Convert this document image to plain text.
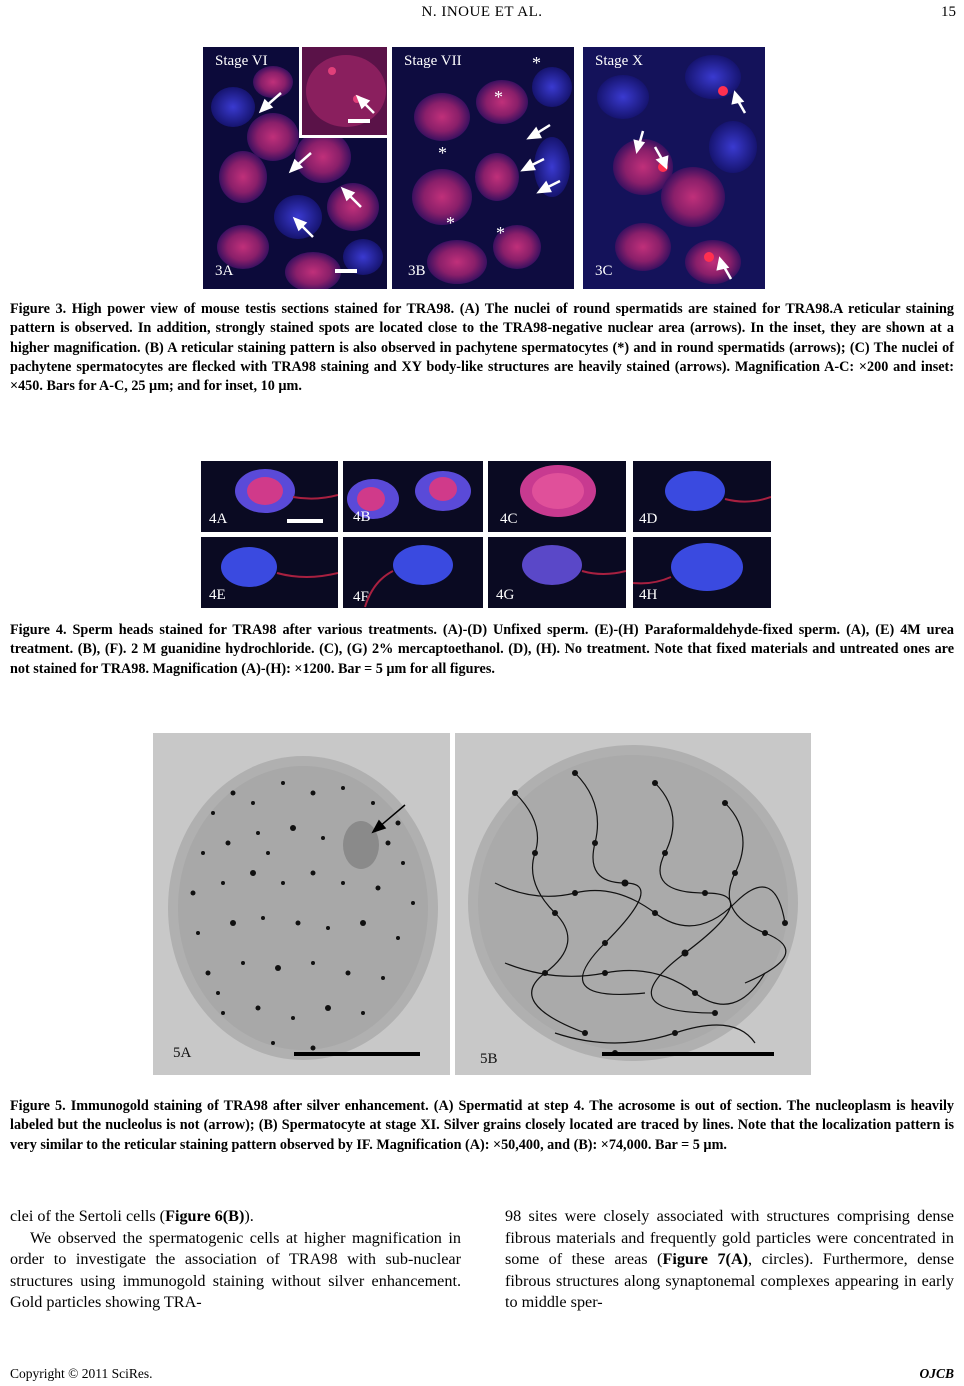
N. INOUE ET AL.	15
Stage VI
3A
*
*
*
* *
Stage VII
3B
Stage X
3C
Figure 3. High power view of mouse testis sections stained for TRA98. (A) The nuclei of round spermatids are stained for TRA98.A reticular staining pattern is observed. In addition, strongly stained spots are located close to the TRA98-negative nuclear area (arrows). In the inset, they are shown at a higher magnification. (B) A reticular staining pattern is also observed in pachytene spermatocytes (*) and in round spermatids (arrows); (C) The nuclei of pachytene spermatocytes are flecked with TRA98 staining and XY body-like structures are heavily stained (arrows). Magnification A-C: ×200 and inset: ×450. Bars for A-C, 25 µm; and for inset, 10 µm.
4A	4B	4C	4D
4E	4F	4G	4H
Figure 4. Sperm heads stained for TRA98 after various treatments. (A)-(D) Unfixed sperm. (E)-(H) Paraformaldehyde-fixed sperm. (A), (E) 4M urea treatment. (B), (F). 2 M guanidine hydrochloride. (C), (G) 2% mercaptoethanol. (D), (H). No treatment. Note that fixed materials and untreated ones are not stained for TRA98. Magnification (A)-(H): ×1200. Bar = 5 µm for all figures.
5A	5B
Figure 5. Immunogold staining of TRA98 after silver enhancement. (A) Spermatid at step 4. The acrosome is out of section. The nucleoplasm is heavily labeled but the nucleolus is not (arrow); (B) Spermatocyte at stage XI. Silver grains closely located are traced by lines. Note that the localization pattern is very similar to the reticular staining pattern observed by IF. Magnification (A): ×50,400, and (B): ×74,000. Bar = 5 µm.

clei of the Sertoli cells (Figure 6(B)).

We observed the spermatogenic cells at higher magnification in order to investigate the association of TRA98 with sub-nuclear structures using immunogold staining without silver enhancement. Gold particles showing TRA-

98 sites were closely associated with structures comprising dense fibrous materials and frequently gold particles were concentrated in some of these areas (Figure 7(A), circles). Furthermore, dense fibrous structures along synaptonemal complexes appearing in early to middle sper-

Copyright © 2011 SciRes.	OJCB
